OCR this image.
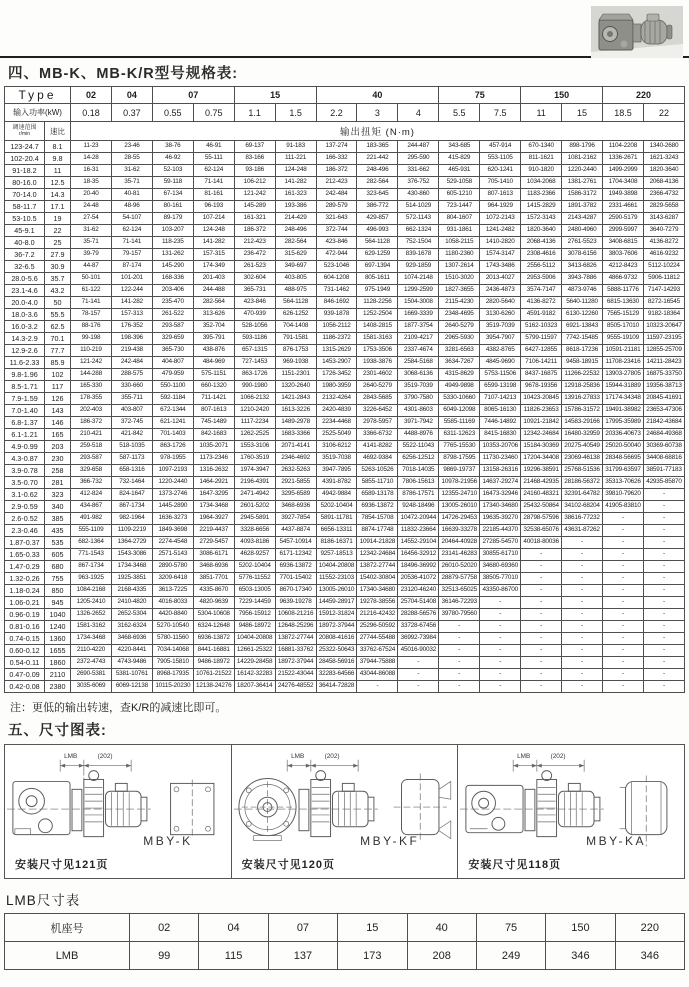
四、MB-K、MB-K/R型号规格表:
Type		02	04	07		15		40			75		150		220	
输入功率(kW)		0.18	0.37	0.55	0.75	1.1	1.5	2.2	3	4	5.5	7.5	11	15	18.5	22

调速范围
r/min	速比	输出扭矩 (N·m)														
123-24.7	8.1	11-23	23-46	38-76	46-91	69-137	91-183	137-274	183-365	244-487	343-685	457-914	670-1340	898-1796	1104-2208	1340-2680
102-20.4	9.8	14-28	28-55	46-92	55-111	83-166	111-221	166-332	221-442	295-590	415-829	553-1105	811-1621	1081-2162	1336-2671	1621-3243
91-18.2	11	16-31	31-62	52-103	62-124	93-186	124-248	186-372	248-496	331-662	465-931	620-1241	910-1820	1220-2440	1499-2999	1820-3640
80-16.0	12.5	18-35	35-71	59-118	71-141	106-212	141-282	212-423	282-564	376-752	529-1058	705-1410	1034-2068	1381-2761	1704-3408	2068-4136
70-14.0	14.3	20-40	40-81	67-134	81-161	121-242	161-323	242-484	323-645	430-860	605-1210	807-1613	1183-2366	1586-3172	1949-3898	2366-4732
58-11.7	17.1	24-48	48-96	80-161	96-193	145-289	193-386	289-579	386-772	514-1029	723-1447	964-1929	1415-2829	1891-3782	2331-4661	2829-5658
53-10.5	19	27-54	54-107	89-179	107-214	161-321	214-429	321-643	429-857	572-1143	804-1607	1072-2143	1572-3143	2143-4287	2590-5179	3143-6287
45-9.1	22	31-62	62-124	103-207	124-248	186-372	248-496	372-744	496-993	662-1324	931-1861	1241-2482	1820-3640	2480-4960	2999-5997	3640-7279
40-8.0	25	35-71	71-141	118-235	141-282	212-423	282-564	423-846	564-1128	752-1504	1058-2115	1410-2820	2068-4136	2761-5523	3408-6815	4136-8272
36-7.2	27.9	39-79	79-157	131-262	157-315	236-472	315-629	472-944	629-1259	839-1678	1180-2360	1574-3147	2308-4616	3078-6156	3803-7606	4616-9232
32-6.5	30.9	44-87	87-174	145-290	174-349	261-523	349-697	523-1046	697-1394	929-1859	1307-2614	1743-3486	2556-5112	3413-6826	4212-8423	5112-10224
28.0-5.6	35.7	50-101	101-201	168-336	201-403	302-604	403-805	604-1208	805-1611	1074-2148	1510-3020	2013-4027	2953-5906	3943-7886	4866-9732	5906-11812
23.1-4.6	43.2	61-122	122-244	203-406	244-488	365-731	488-975	731-1462	975-1949	1299-2599	1827-3655	2436-4873	3574-7147	4873-9746	5888-11776	7147-14293
20.0-4.0	50	71-141	141-282	235-470	282-564	423-846	564-1128	846-1692	1128-2256	1504-3008	2115-4230	2820-5640	4136-8272	5640-11280	6815-13630	8272-16545
18.0-3.6	55.5	78-157	157-313	261-522	313-626	470-939	626-1252	939-1878	1252-2504	1669-3339	2348-4695	3130-6260	4591-9182	6130-12260	7565-15129	9182-18364
16.0-3.2	62.5	88-176	176-352	293-587	352-704	528-1056	704-1408	1056-2112	1408-2815	1877-3754	2640-5279	3519-7039	5162-10323	6921-13843	8505-17010	10323-20647
14.3-2.9	70.1	99-198	198-396	329-659	395-791	593-1186	791-1581	1186-2372	1581-3163	2109-4217	2965-5930	3954-7907	5799-11597	7742-15485	9555-19109	11597-23195
12.9-2.6	77.7	110-219	219-438	365-730	438-876	657-1315	876-1753	1315-2629	1753-3506	2337-4674	3281-6563	4382-8765	6427-12855	8618-17236	10591-21181	12855-25709
11.6-2.33	85.9	121-242	242-484	404-807	484-969	727-1453	969-1938	1453-2907	1938-3876	2584-5168	3634-7267	4845-9690	7106-14211	9458-18915	11708-23416	14211-28423
9.8-1.96	102	144-288	288-575	479-959	575-1151	863-1726	1151-2301	1726-3452	2301-4602	3068-6136	4315-8629	5753-11506	8437-16875	11266-22532	13903-27805	16875-33750
8.5-1.71	117	165-330	330-660	550-1100	660-1320	990-1980	1320-2640	1980-3959	2640-5279	3519-7039	4949-9898	6599-13198	9678-19356	12918-25836	15944-31889	19356-38713
7.9-1.59	126	178-355	355-711	592-1184	711-1421	1066-2132	1421-2843	2132-4264	2843-5685	3790-7580	5330-10660	7107-14213	10423-20845	13916-27833	17174-34348	20845-41691
7.0-1.40	143	202-403	403-807	672-1344	807-1613	1210-2420	1613-3226	2420-4839	3226-6452	4301-8603	6049-12098	8065-16130	11826-23653	15786-31572	19491-38982	23653-47306
6.8-1.37	146	186-372	372-745	621-1241	745-1489	1117-2234	1489-2978	2234-4468	2978-5957	3971-7942	5585-11169	7446-14892	10921-21842	14583-29166	17995-35989	21842-43684
6.1-1.21	165	210-421	421-842	701-1403	842-1683	1262-2525	1683-3366	2525-5049	3366-6732	4488-8976	6311-12623	8415-16830	12342-24684	16480-32959	20336-40673	24684-49368
4.9-0.99	203	259-518	518-1035	863-1726	1035-2071	1553-3106	2071-4141	3106-6212	4141-8282	5522-11043	7765-15530	10353-20706	15184-30369	20275-40549	25020-50040	30369-60738
4.3-0.87	230	293-587	587-1173	978-1955	1173-2346	1760-3519	2346-4692	3519-7038	4692-9384	6256-12512	8798-17595	11730-23460	17204-34408	23069-46138	28348-56695	34408-68816
3.9-0.78	258	329-658	658-1316	1097-2193	1316-2632	1974-3947	2632-5263	3947-7895	5263-10526	7018-14035	9869-19737	13158-26316	19296-38591	25768-51536	31799-63597	38591-77183
3.5-0.70	281	366-732	732-1464	1220-2440	1464-2921	2196-4391	2921-5855	4391-8782	5855-11710	7806-15613	10978-21956	14637-29274	21468-42935	28186-56372	35313-70626	42935-85870
3.1-0.62	323	412-824	824-1647	1373-2746	1647-3295	2471-4942	3295-6589	4942-9884	6589-13178	8786-17571	12355-24710	16473-32946	24160-48321	32391-64782	39810-79620	-
2.9-0.59	340	434-867	867-1734	1445-2890	1734-3468	2601-5202	3468-6936	5202-10404	6936-13872	9248-18496	13005-26010	17340-34680	25432-50864	34102-68204	41905-83810	-
2.6-0.52	385	491-982	982-1964	1636-3273	1964-3927	2945-5891	3927-7854	5891-11781	7854-15708	10472-20944	14726-29453	19635-39270	28798-57596	38616-77232	-	-
2.3-0.46	435	555-1109	1109-2219	1849-3698	2219-4437	3328-6656	4437-8874	6656-13311	8874-17748	11832-23664	16639-33278	22185-44370	32538-65076	43631-87262	-	-
1.87-0.37	535	682-1364	1364-2729	2274-4548	2729-5457	4093-8186	5457-10914	8186-16371	10914-21828	14552-29104	20464-40928	27285-54570	40018-80036	-	-	-
1.65-0.33	605	771-1543	1543-3086	2571-5143	3086-6171	4628-9257	6171-12342	9257-18513	12342-24684	16456-32912	23141-46283	30855-61710	-	-	-	-
1.47-0.29	680	867-1734	1734-3468	2890-5780	3468-6936	5202-10404	6936-13872	10404-20808	13872-27744	18496-36992	26010-52020	34680-69360	-	-	-	-
1.32-0.26	755	963-1925	1925-3851	3209-6418	3851-7701	5776-11552	7701-15402	11552-23103	15402-30804	20536-41072	28879-57758	38505-77010	-	-	-	-
1.18-0.24	850	1084-2168	2168-4335	3613-7225	4335-8670	6503-13005	8670-17340	13005-26010	17340-34680	23120-46240	32513-65025	43350-86700	-	-	-	-
1.06-0.21	945	1205-2410	2410-4820	4016-8033	4820-9639	7229-14459	9639-19278	14459-28917	19278-38556	25704-51408	36146-72293	-	-	-	-	-
0.96-0.19	1040	1326-2652	2652-5304	4420-8840	5304-10608	7956-15912	10608-21216	15912-31824	21216-42432	28288-56576	39780-79560	-	-	-	-	-
0.81-0.16	1240	1581-3162	3162-6324	5270-10540	6324-12648	9486-18972	12648-25296	18972-37944	25296-50592	33728-67456	-	-	-	-	-	-
0.74-0.15	1360	1734-3468	3468-6936	5780-11560	6936-13872	10404-20808	13872-27744	20808-41616	27744-55488	36992-73984	-	-	-	-	-	-
0.60-0.12	1655	2110-4220	4220-8441	7034-14068	8441-16881	12661-25322	16881-33762	25322-50643	33762-67524	45016-90032	-	-	-	-	-	-
0.54-0.11	1860	2372-4743	4743-9486	7905-15810	9486-18972	14229-28458	18972-37944	28458-56916	37944-75888	-	-	-	-	-	-	-
0.47-0.09	2110	2690-5381	5381-10761	8968-17935	10761-21522	16142-32283	21522-43044	32283-64566	43044-86088	-	-	-	-	-	-	-
0.42-0.08	2380	3035-6069	6069-12138	10115-20230	12138-24276	18207-36414	24276-48552	36414-72828	-	-	-	-	-	-	-	-
注：更低的输出转速，查K/R的减速比即可。
五、尺寸图表:
LMB	(202)
MBY-K
安装尺寸见121页
LMB	(202)
MBY-KF
安装尺寸见120页
LMB	(202)
MBY-KA
安装尺寸见118页
LMB尺寸表
机座号	02	04	07	15	40	75	150	220
LMB	99	115	137	173	208	249	346	346
